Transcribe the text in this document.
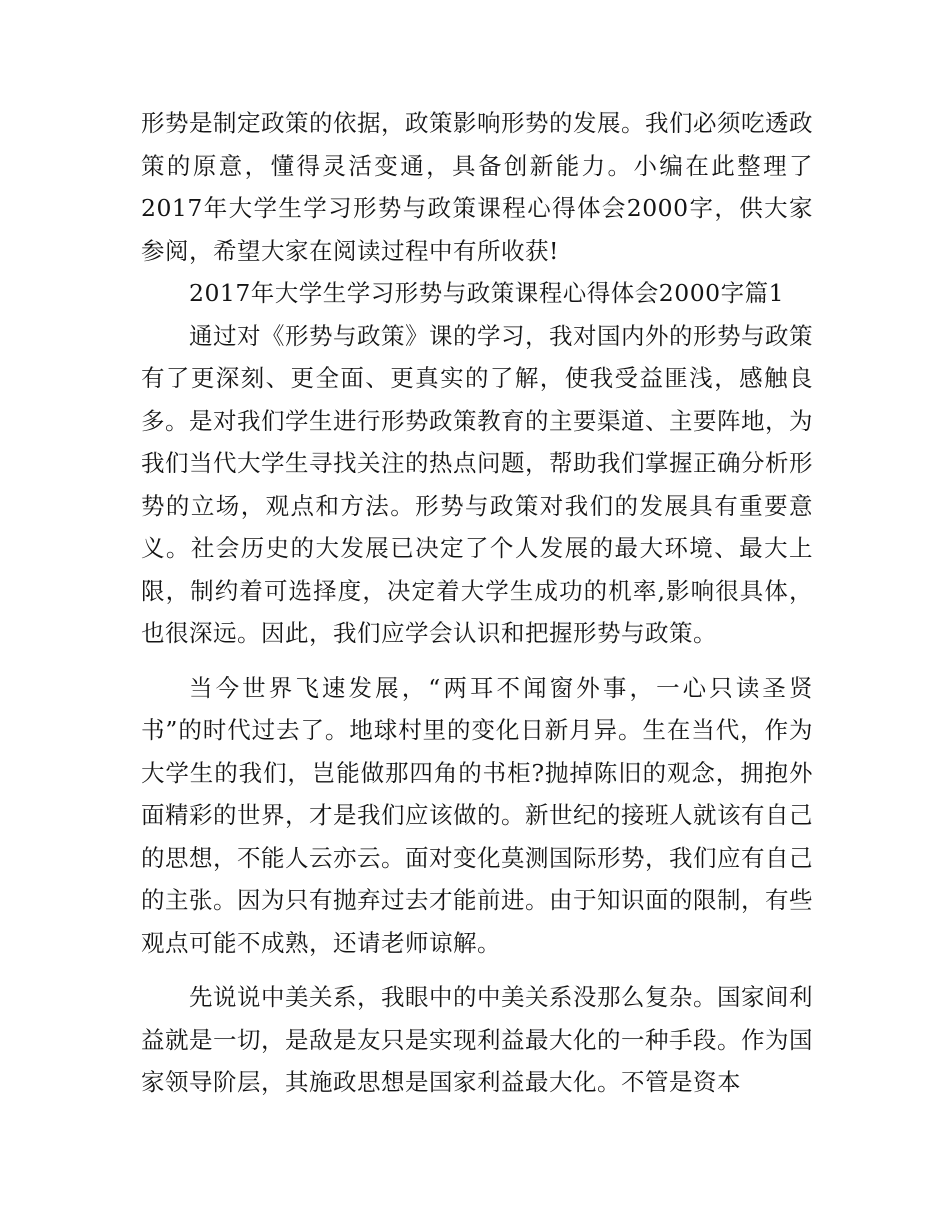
形势是制定政策的依据，政策影响形势的发展。我们必须吃透政策的原意，懂得灵活变通，具备创新能力。小编在此整理了2017年大学生学习形势与政策课程心得体会2000字，供大家参阅，希望大家在阅读过程中有所收获!

2017年大学生学习形势与政策课程心得体会2000字篇1

通过对《形势与政策》课的学习，我对国内外的形势与政策有了更深刻、更全面、更真实的了解，使我受益匪浅，感触良多。是对我们学生进行形势政策教育的主要渠道、主要阵地，为我们当代大学生寻找关注的热点问题，帮助我们掌握正确分析形势的立场，观点和方法。形势与政策对我们的发展具有重要意义。社会历史的大发展已决定了个人发展的最大环境、最大上限，制约着可选择度，决定着大学生成功的机率,影响很具体，也很深远。因此，我们应学会认识和把握形势与政策。

当今世界飞速发展，“两耳不闻窗外事，一心只读圣贤书”的时代过去了。地球村里的变化日新月异。生在当代，作为大学生的我们，岂能做那四角的书柜?抛掉陈旧的观念，拥抱外面精彩的世界，才是我们应该做的。新世纪的接班人就该有自己的思想，不能人云亦云。面对变化莫测国际形势，我们应有自己的主张。因为只有抛弃过去才能前进。由于知识面的限制，有些观点可能不成熟，还请老师谅解。

先说说中美关系，我眼中的中美关系没那么复杂。国家间利益就是一切，是敌是友只是实现利益最大化的一种手段。作为国家领导阶层，其施政思想是国家利益最大化。不管是资本
